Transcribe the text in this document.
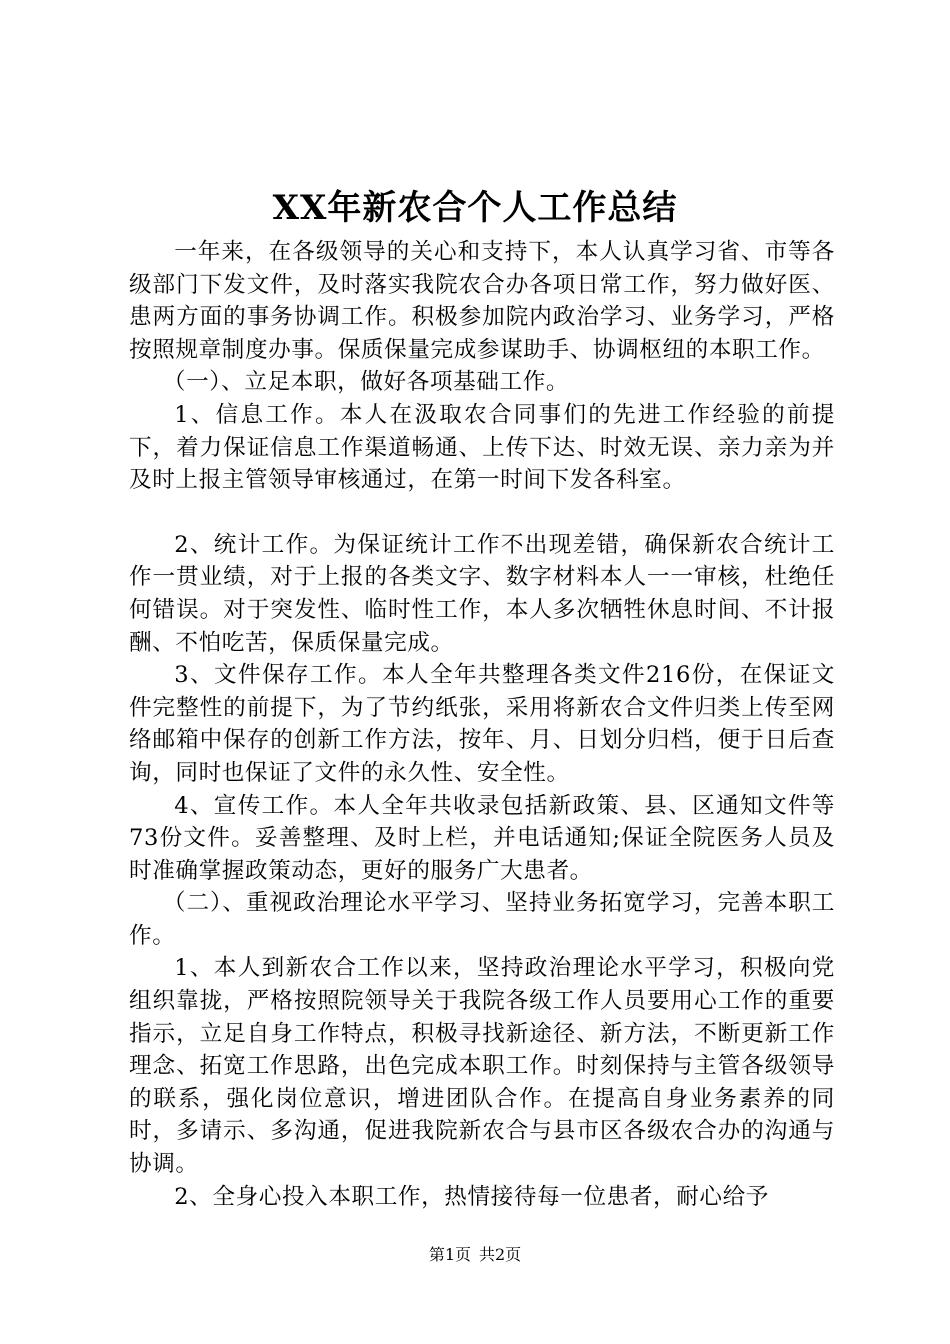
XX年新农合个人工作总结

一年来，在各级领导的关心和支持下，本人认真学习省、市等各级部门下发文件，及时落实我院农合办各项日常工作，努力做好医、患两方面的事务协调工作。积极参加院内政治学习、业务学习，严格按照规章制度办事。保质保量完成参谋助手、协调枢纽的本职工作。

（一）、立足本职，做好各项基础工作。

1、信息工作。本人在汲取农合同事们的先进工作经验的前提下，着力保证信息工作渠道畅通、上传下达、时效无误、亲力亲为并及时上报主管领导审核通过，在第一时间下发各科室。

2、统计工作。为保证统计工作不出现差错，确保新农合统计工作一贯业绩，对于上报的各类文字、数字材料本人一一审核，杜绝任何错误。对于突发性、临时性工作，本人多次牺牲休息时间、不计报酬、不怕吃苦，保质保量完成。

3、文件保存工作。本人全年共整理各类文件216份，在保证文件完整性的前提下，为了节约纸张，采用将新农合文件归类上传至网络邮箱中保存的创新工作方法，按年、月、日划分归档，便于日后查询，同时也保证了文件的永久性、安全性。

4、宣传工作。本人全年共收录包括新政策、县、区通知文件等73份文件。妥善整理、及时上栏，并电话通知;保证全院医务人员及时准确掌握政策动态，更好的服务广大患者。

（二）、重视政治理论水平学习、坚持业务拓宽学习，完善本职工作。

1、本人到新农合工作以来，坚持政治理论水平学习，积极向党组织靠拢，严格按照院领导关于我院各级工作人员要用心工作的重要指示，立足自身工作特点，积极寻找新途径、新方法，不断更新工作理念、拓宽工作思路，出色完成本职工作。时刻保持与主管各级领导的联系，强化岗位意识，增进团队合作。在提高自身业务素养的同时，多请示、多沟通，促进我院新农合与县市区各级农合办的沟通与协调。

2、全身心投入本职工作，热情接待每一位患者，耐心给予

第1页 共2页
